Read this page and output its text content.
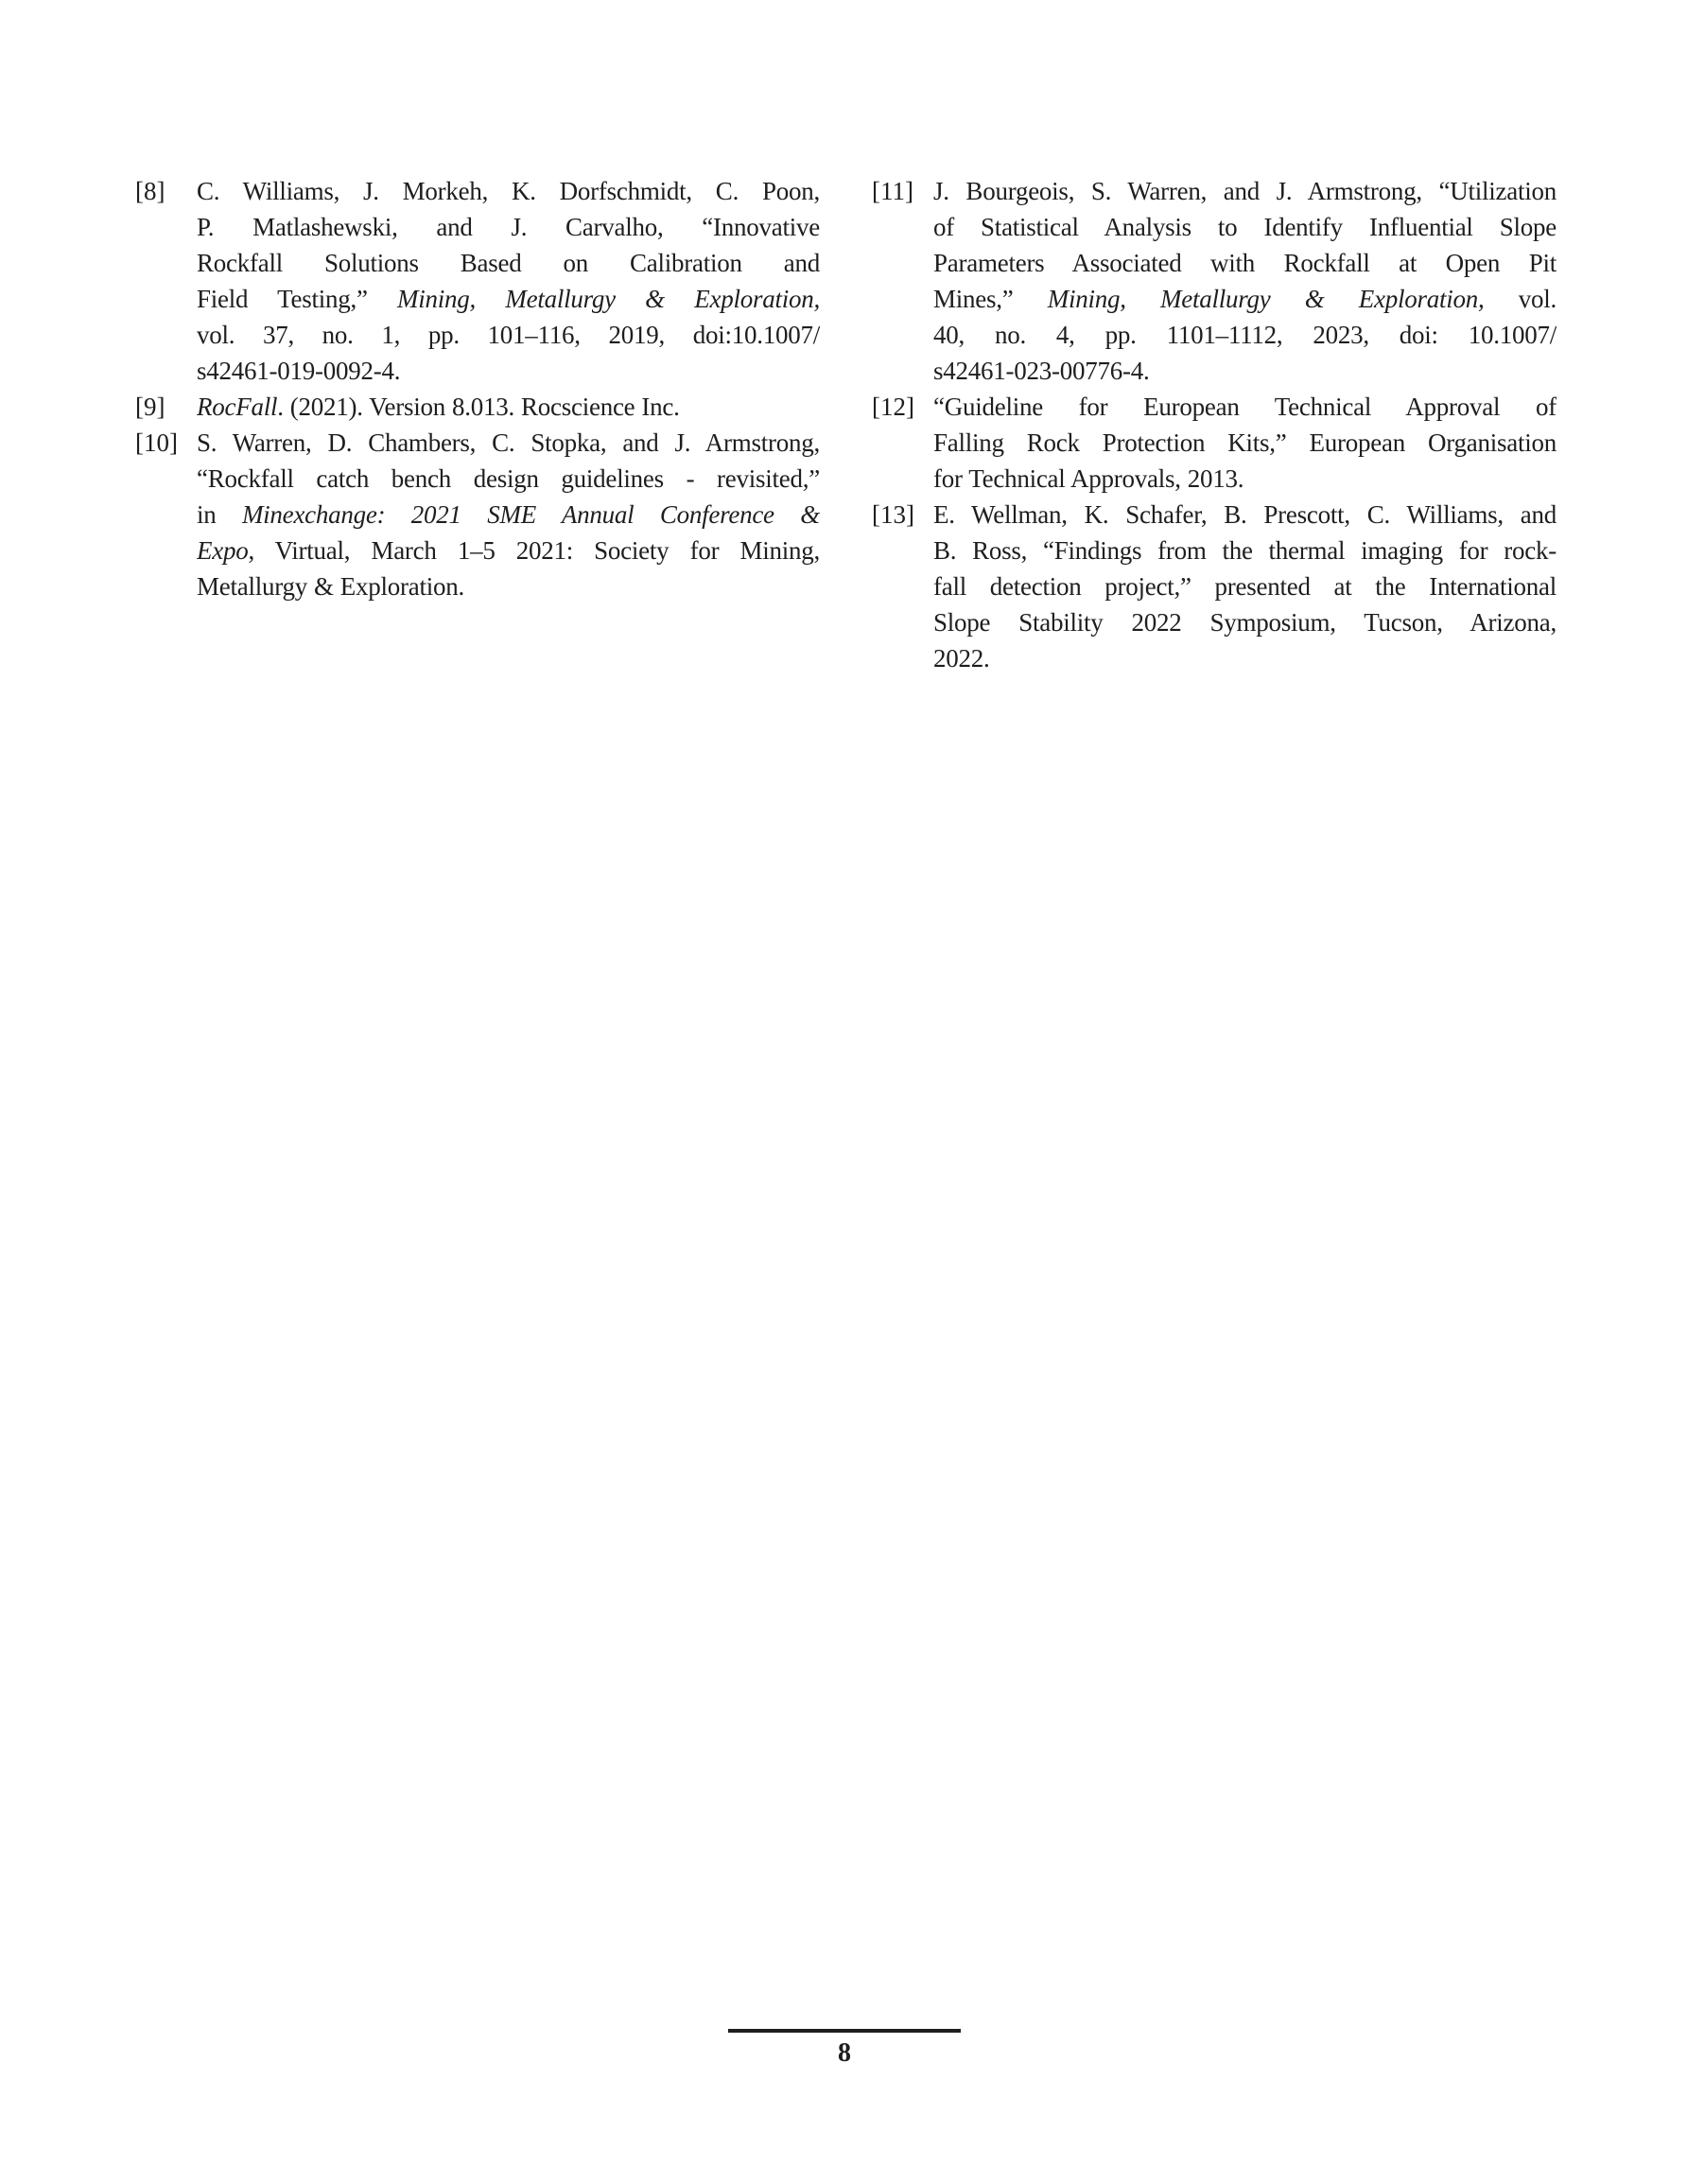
[8] C. Williams, J. Morkeh, K. Dorfschmidt, C. Poon,
P. Matlashewski, and J. Carvalho, “Innovative
Rockfall Solutions Based on Calibration and
Field Testing,” Mining, Metallurgy & Exploration,
vol. 37, no. 1, pp. 101–116, 2019, doi:10.1007/
s42461-019-0092-4.
[9] RocFall. (2021). Version 8.013. Rocscience Inc.
[10] S. Warren, D. Chambers, C. Stopka, and J. Armstrong,
“Rockfall catch bench design guidelines - revisited,”
in Minexchange: 2021 SME Annual Conference &
Expo, Virtual, March 1–5 2021: Society for Mining,
Metallurgy & Exploration.
[11] J. Bourgeois, S. Warren, and J. Armstrong, “Utilization
of Statistical Analysis to Identify Influential Slope
Parameters Associated with Rockfall at Open Pit
Mines,” Mining, Metallurgy & Exploration, vol.
40, no. 4, pp. 1101–1112, 2023, doi: 10.1007/
s42461-023-00776-4.
[12] “Guideline for European Technical Approval of
Falling Rock Protection Kits,” European Organisation
for Technical Approvals, 2013.
[13] E. Wellman, K. Schafer, B. Prescott, C. Williams, and
B. Ross, “Findings from the thermal imaging for rock-
fall detection project,” presented at the International
Slope Stability 2022 Symposium, Tucson, Arizona,
2022.
8
